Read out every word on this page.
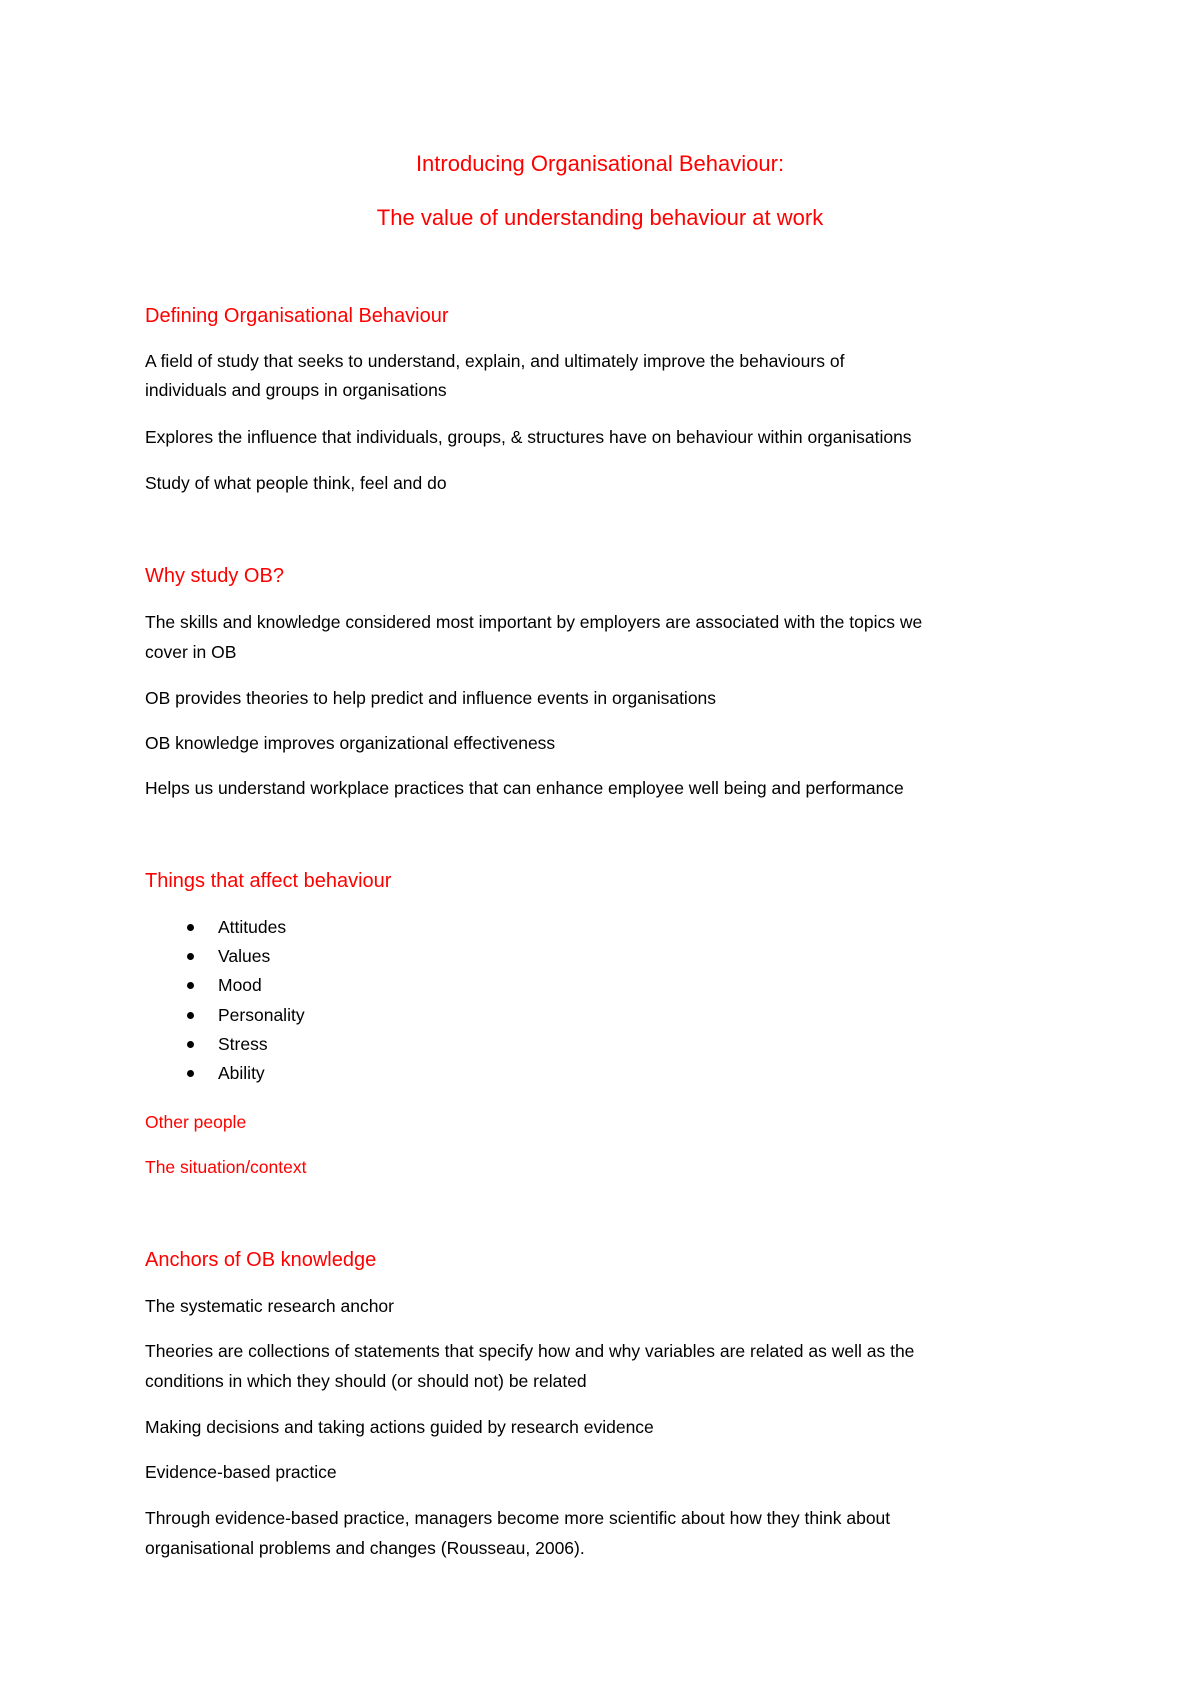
Introducing Organisational Behaviour:
The value of understanding behaviour at work
Defining Organisational Behaviour
A field of study that seeks to understand, explain, and ultimately improve the behaviours of
individuals and groups in organisations
Explores the influence that individuals, groups, & structures have on behaviour within organisations
Study of what people think, feel and do
Why study OB?
The skills and knowledge considered most important by employers are associated with the topics we
cover in OB
OB provides theories to help predict and influence events in organisations
OB knowledge improves organizational effectiveness
Helps us understand workplace practices that can enhance employee well being and performance
Things that affect behaviour
Attitudes
Values
Mood
Personality
Stress
Ability
Other people
The situation/context
Anchors of OB knowledge
The systematic research anchor
Theories are collections of statements that specify how and why variables are related as well as the
conditions in which they should (or should not) be related
Making decisions and taking actions guided by research evidence
Evidence-based practice
Through evidence-based practice, managers become more scientific about how they think about
organisational problems and changes (Rousseau, 2006).
